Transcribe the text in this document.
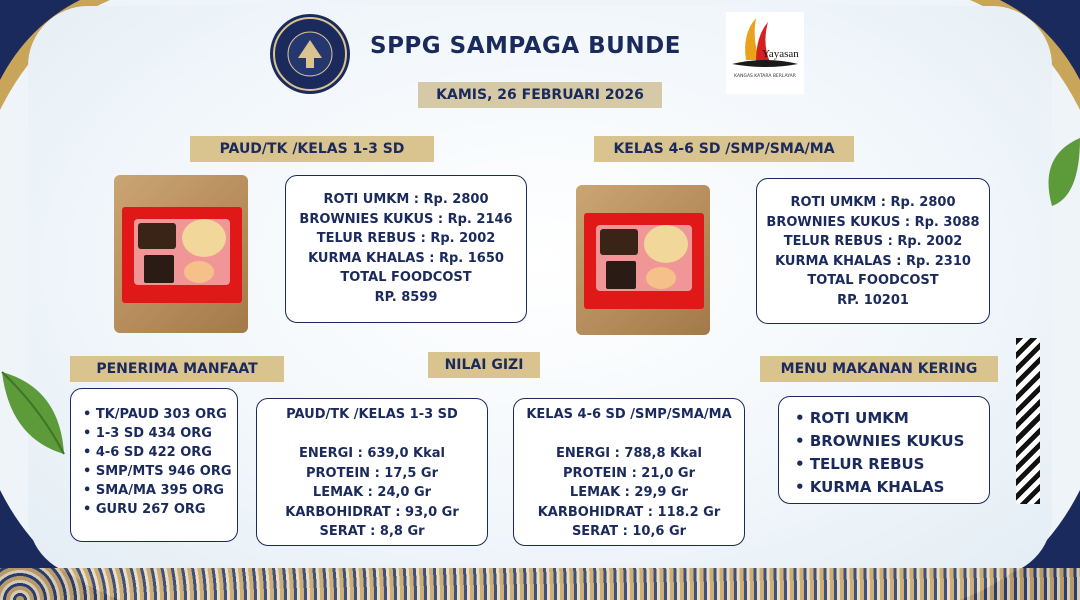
Yayasan
KANGAS KATARA BERLAYAR
SPPG SAMPAGA BUNDE
KAMIS, 26 FEBRUARI 2026
PAUD/TK /KELAS 1-3 SD
ROTI UMKM : Rp. 2800
BROWNIES KUKUS : Rp. 2146
TELUR REBUS : Rp. 2002
KURMA KHALAS : Rp. 1650
TOTAL FOODCOST
RP. 8599
KELAS 4-6 SD /SMP/SMA/MA
ROTI UMKM : Rp. 2800
BROWNIES KUKUS : Rp. 3088
TELUR REBUS : Rp. 2002
KURMA KHALAS : Rp. 2310
TOTAL FOODCOST
RP. 10201
PENERIMA MANFAAT
• TK/PAUD 303 ORG
• 1-3 SD 434 ORG
• 4-6 SD 422 ORG
• SMP/MTS 946 ORG
• SMA/MA 395 ORG
• GURU 267 ORG
NILAI GIZI
PAUD/TK /KELAS 1-3 SD

ENERGI : 639,0 Kkal
PROTEIN : 17,5 Gr
LEMAK : 24,0 Gr
KARBOHIDRAT : 93,0 Gr
SERAT : 8,8 Gr
KELAS 4-6 SD /SMP/SMA/MA

ENERGI : 788,8 Kkal
PROTEIN : 21,0 Gr
LEMAK : 29,9 Gr
KARBOHIDRAT : 118.2 Gr
SERAT : 10,6 Gr
MENU MAKANAN KERING
• ROTI UMKM
• BROWNIES KUKUS
• TELUR REBUS
• KURMA KHALAS
